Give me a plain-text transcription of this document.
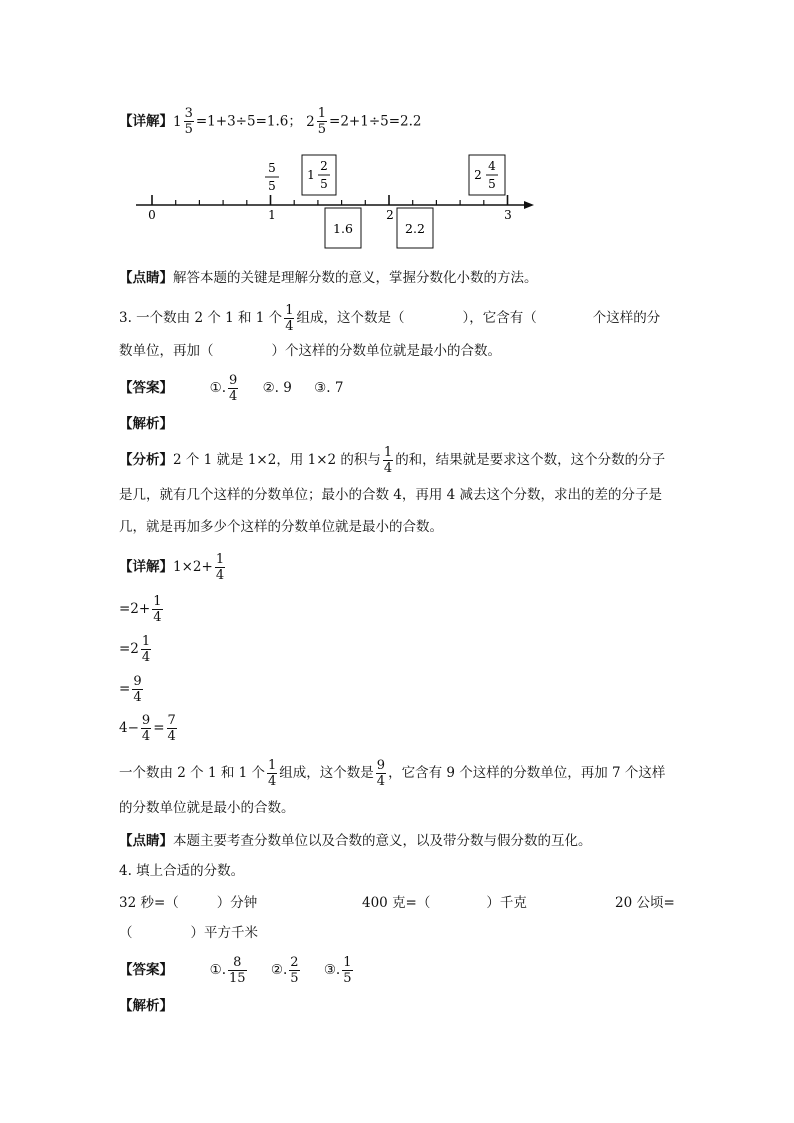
【详解】 $1 \frac{3}{5} =1+3\div 5=1.6$； $2 \frac{1}{5} =2+1\div 5=2.2$
0	1	2	3
5
5
1
2
5
2
4
5
1.6	2.2
【点睛】解答本题的关键是理解分数的意义，掌握分数化小数的方法。
3. 一个数由 2 个 1 和 1 个 $\frac{1}{4}$ 组成，这个数是（	），它含有（	个这样的分
数单位，再加（	）个这样的分数单位就是最小的合数。
【答案】	①. $\frac{9}{4}$ ②. 9 ③. 7
【解析】
【分析】2 个 1 就是 1×2，用 1×2 的积与 $\frac{1}{4}$ 的和，结果就是要求这个数，这个分数的分子
是几，就有几个这样的分数单位；最小的合数 4，再用 4 减去这个分数，求出的差的分子是
几，就是再加多少个这样的分数单位就是最小的合数。
【详解】$1\times 2+ \frac{1}{4}$
$=2+ \frac{1}{4}$
$=2 \frac{1}{4}$
= $\frac{9}{4}$
$4- \frac{9}{4} = \frac{7}{4}$
一个数由 2 个 1 和 1 个 $\frac{1}{4}$ 组成，这个数是 $\frac{9}{4}$ ，它含有 9 个这样的分数单位，再加 7 个这样
的分数单位就是最小的合数。
【点睛】本题主要考查分数单位以及合数的意义，以及带分数与假分数的互化。
4. 填上合适的分数。
32 秒=（	）分钟	400 克=（	）千克	20 公顷=
（	）平方千米
【答案】	①. $\frac{8}{15}$ ②. $\frac{2}{5}$ ③. $\frac{1}{5}$
【解析】
